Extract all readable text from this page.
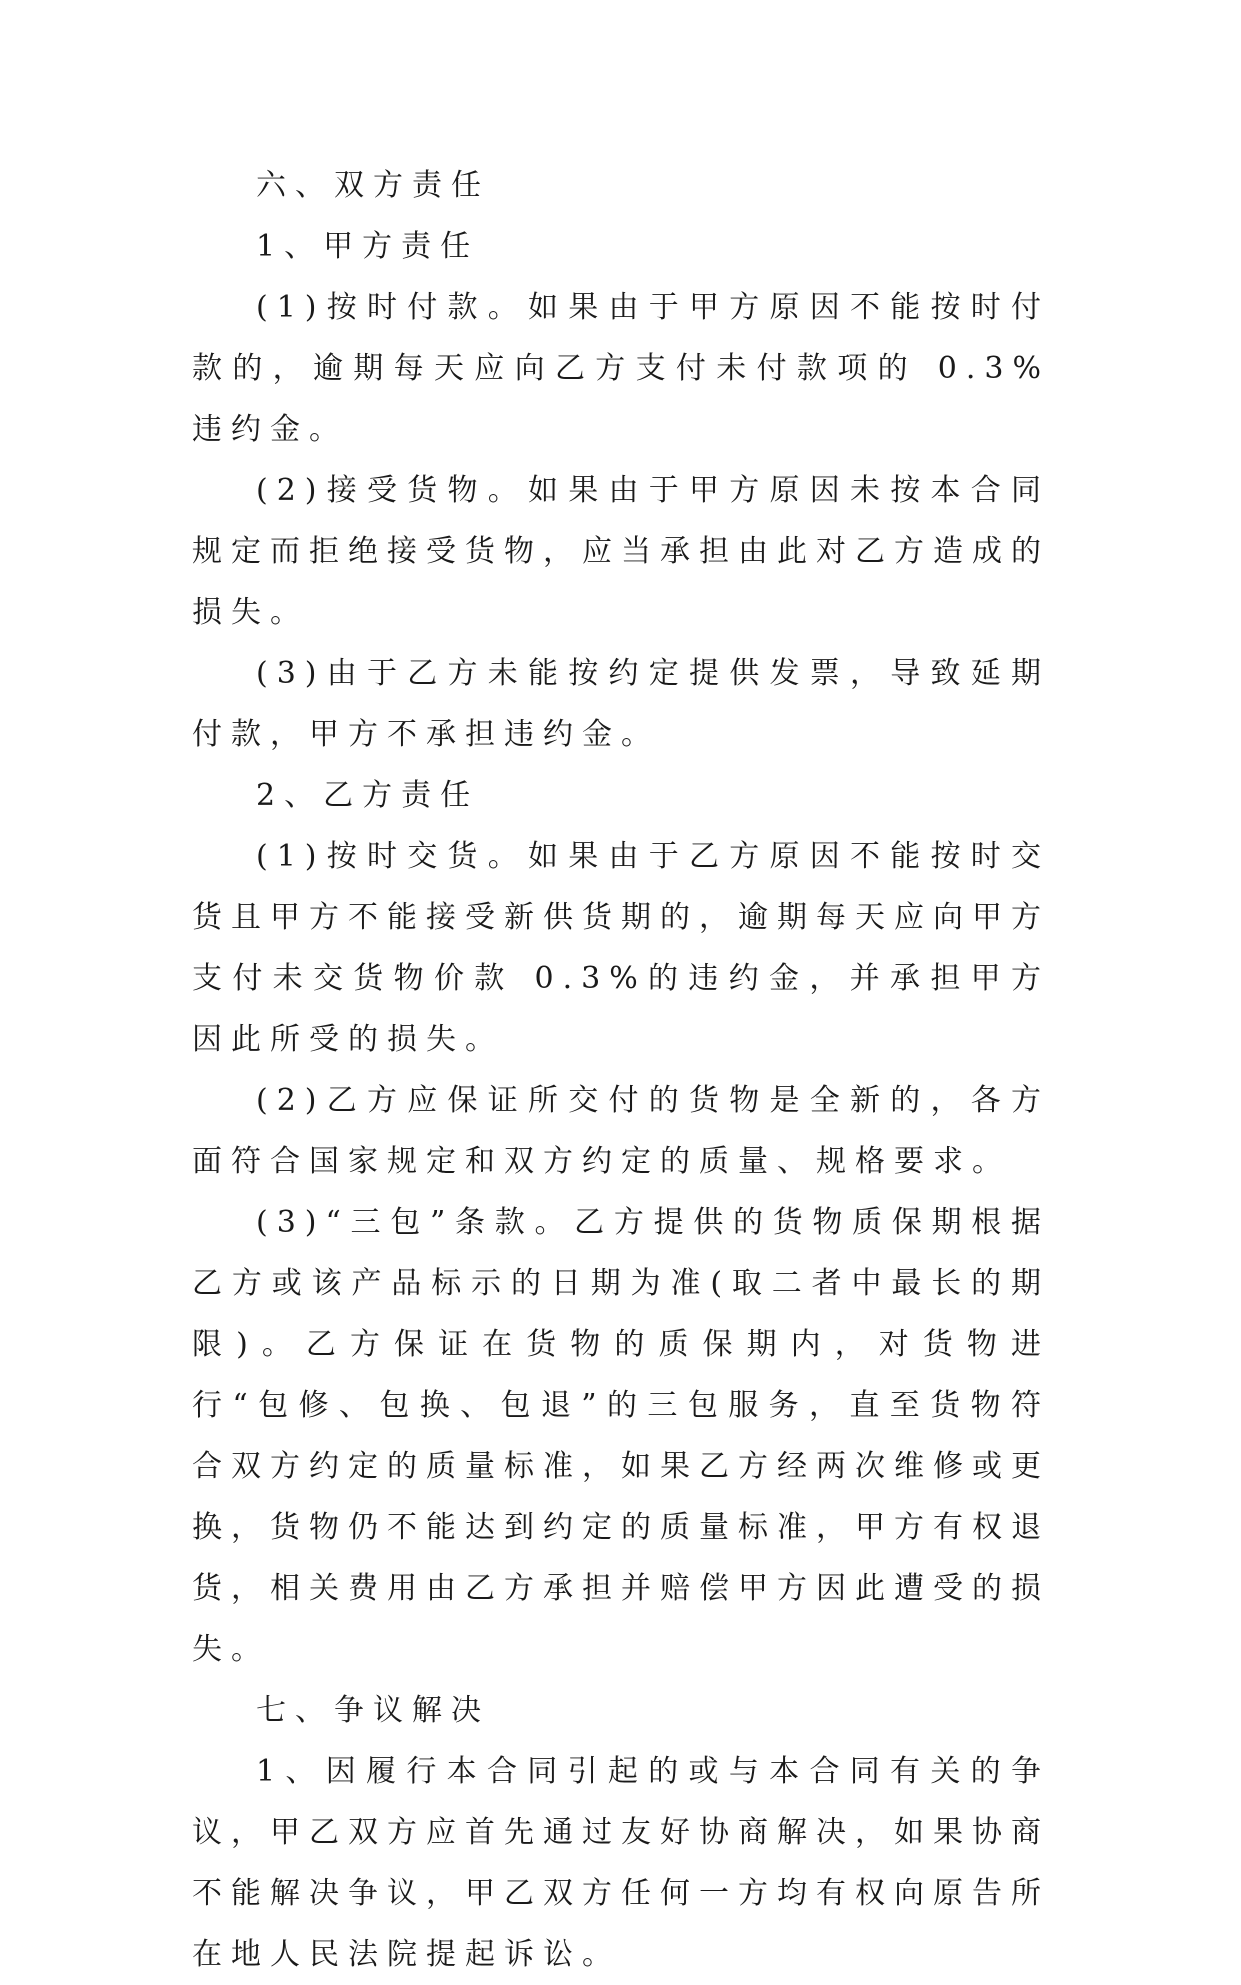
六、双方责任

1、甲方责任

(1)按时付款。如果由于甲方原因不能按时付款的，逾期每天应向乙方支付未付款项的 0.3%违约金。

(2)接受货物。如果由于甲方原因未按本合同规定而拒绝接受货物，应当承担由此对乙方造成的损失。

(3)由于乙方未能按约定提供发票，导致延期付款，甲方不承担违约金。

2、乙方责任

(1)按时交货。如果由于乙方原因不能按时交货且甲方不能接受新供货期的，逾期每天应向甲方支付未交货物价款 0.3%的违约金，并承担甲方因此所受的损失。

(2)乙方应保证所交付的货物是全新的，各方面符合国家规定和双方约定的质量、规格要求。

(3)“三包”条款。乙方提供的货物质保期根据乙方或该产品标示的日期为准(取二者中最长的期限)。乙方保证在货物的质保期内，对货物进行“包修、包换、包退”的三包服务，直至货物符合双方约定的质量标准，如果乙方经两次维修或更换，货物仍不能达到约定的质量标准，甲方有权退货，相关费用由乙方承担并赔偿甲方因此遭受的损失。

七、争议解决

1、因履行本合同引起的或与本合同有关的争议，甲乙双方应首先通过友好协商解决，如果协商不能解决争议，甲乙双方任何一方均有权向原告所在地人民法院提起诉讼。
